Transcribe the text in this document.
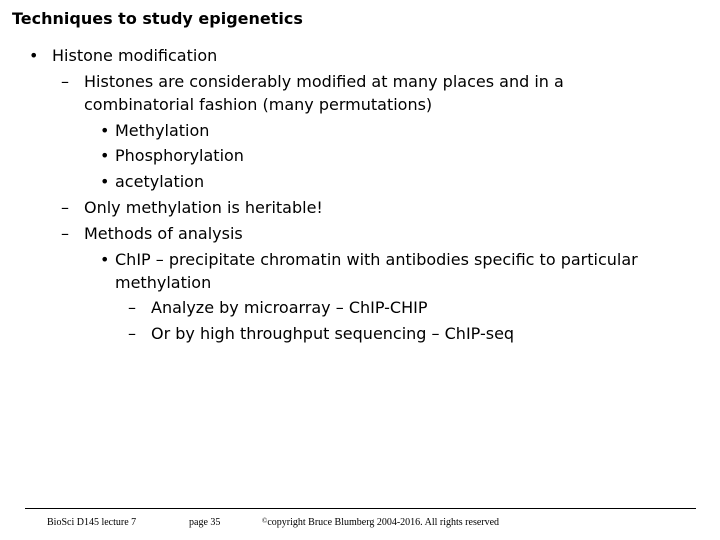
Techniques to study epigenetics
• Histone modification
– Histones are considerably modified at many places and in a
combinatorial fashion (many permutations)
• Methylation
• Phosphorylation
• acetylation
– Only methylation is heritable!
– Methods of analysis
• ChIP – precipitate chromatin with antibodies specific to particular
methylation
– Analyze by microarray – ChIP-CHIP
– Or by high throughput sequencing – ChIP-seq
BioSci D145 lecture 7	page 35	©copyright Bruce Blumberg 2004-2016. All rights reserved
